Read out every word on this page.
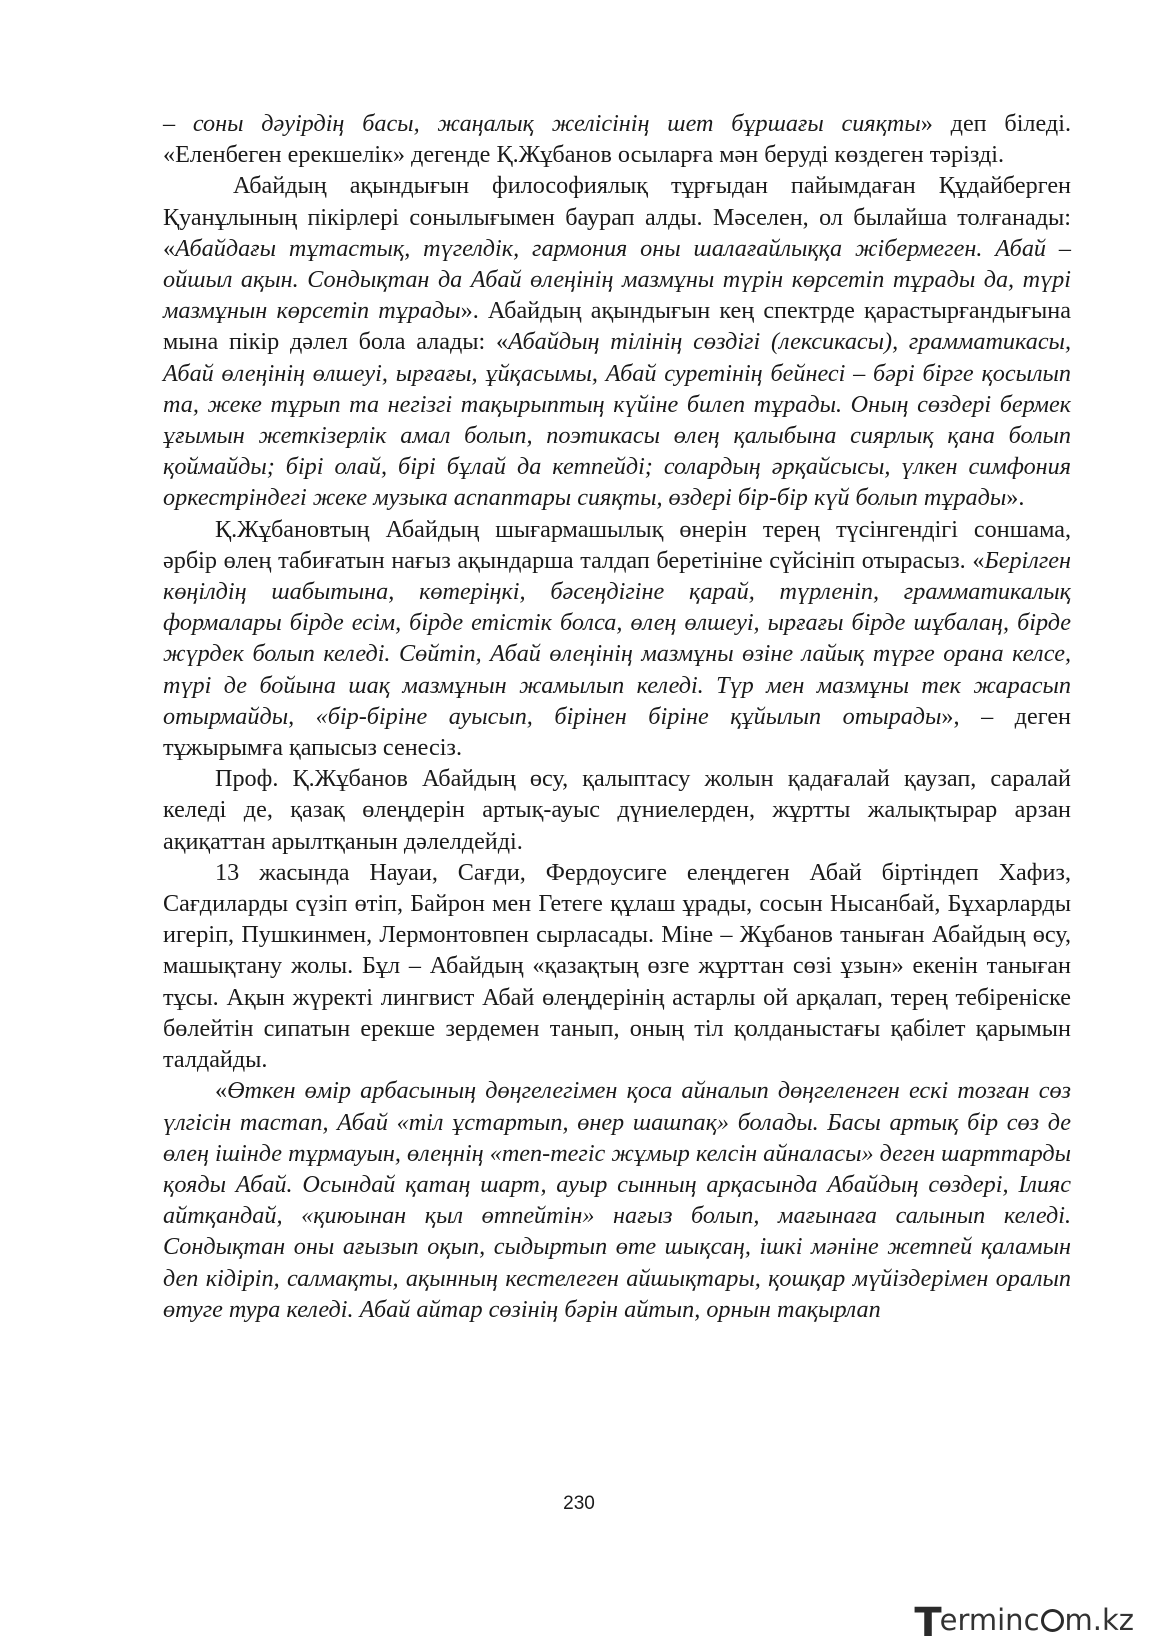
– соны дәуірдің басы, жаңалық желісінің шет бұршағы сияқты» деп біледі. «Еленбеген ерекшелік» дегенде Қ.Жұбанов осыларға мән беруді көздеген тәрізді.

Абайдың ақындығын философиялық тұрғыдан пайымдаған Құдайберген Қуанұлының пікірлері сонылығымен баурап алды. Мәселен, ол былайша толғанады: «Абайдағы тұтастық, түгелдік, гармония оны шалағайлыққа жібермеген. Абай – ойшыл ақын. Сондықтан да Абай өлеңінің мазмұны түрін көрсетіп тұрады да, түрі мазмұнын көрсетіп тұрады». Абайдың ақындығын кең спектрде қарастырғандығына мына пікір дәлел бола алады: «Абайдың тілінің сөздігі (лексикасы), грамматикасы, Абай өлеңінің өлшеуі, ырғағы, ұйқасымы, Абай суретінің бейнесі – бәрі бірге қосылып та, жеке тұрып та негізгі тақырыптың күйіне билеп тұрады. Оның сөздері бермек ұғымын жеткізерлік амал болып, поэтикасы өлең қалыбына сиярлық қана болып қоймайды; бірі олай, бірі бұлай да кетпейді; солардың әрқайсысы, үлкен симфония оркестріндегі жеке музыка аспаптары сияқты, өздері бір-бір күй болып тұрады».

Қ.Жұбановтың Абайдың шығармашылық өнерін терең түсінгендігі соншама, әрбір өлең табиғатын нағыз ақындарша талдап беретініне сүйсініп отырасыз. «Берілген көңілдің шабытына, көтеріңкі, бәсеңдігіне қарай, түрленіп, грамматикалық формалары бірде есім, бірде етістік болса, өлең өлшеуі, ырғағы бірде шұбалаң, бірде жүрдек болып келеді. Сөйтіп, Абай өлеңінің мазмұны өзіне лайық түрге орана келсе, түрі де бойына шақ мазмұнын жамылып келеді. Түр мен мазмұны тек жарасып отырмайды, «бір-біріне ауысып, бірінен біріне құйылып отырады», – деген тұжырымға қапысыз сенесіз.

Проф. Қ.Жұбанов Абайдың өсу, қалыптасу жолын қадағалай қаузап, саралай келеді де, қазақ өлеңдерін артық-ауыс дүниелерден, жұртты жалықтырар арзан ақиқаттан арылтқанын дәлелдейді.

13 жасында Науаи, Сағди, Фердоусиге елеңдеген Абай біртіндеп Хафиз, Сағдиларды сүзіп өтіп, Байрон мен Гетеге құлаш ұрады, сосын Нысанбай, Бұхарларды игеріп, Пушкинмен, Лермонтовпен сырласады. Міне – Жұбанов таныған Абайдың өсу, машықтану жолы. Бұл – Абайдың «қазақтың өзге жұрттан сөзі ұзын» екенін таныған тұсы. Ақын жүректі лингвист Абай өлеңдерінің астарлы ой арқалап, терең тебіреніске бөлейтін сипатын ерекше зердемен танып, оның тіл қолданыстағы қабілет қарымын талдайды.

«Өткен өмір арбасының дөңгелегімен қоса айналып дөңгеленген ескі тозған сөз үлгісін тастап, Абай «тіл ұстартып, өнер шашпақ» болады. Басы артық бір сөз де өлең ішінде тұрмауын, өлеңнің «теп-тегіс жұмыр келсін айналасы» деген шарттарды қояды Абай. Осындай қатаң шарт, ауыр сынның арқасында Абайдың сөздері, Ілияс айтқандай, «қиюынан қыл өтпейтін» нағыз болып, мағынаға салынып келеді. Сондықтан оны ағызып оқып, сыдыртып өте шықсаң, ішкі мәніне жетпей қаламын деп кідіріп, салмақты, ақынның кестелеген айшықтары, қошқар мүйіздерімен оралып өтуге тура келеді. Абай айтар сөзінің бәрін айтып, орнын тақырлап

230
T
erminc m.kz
